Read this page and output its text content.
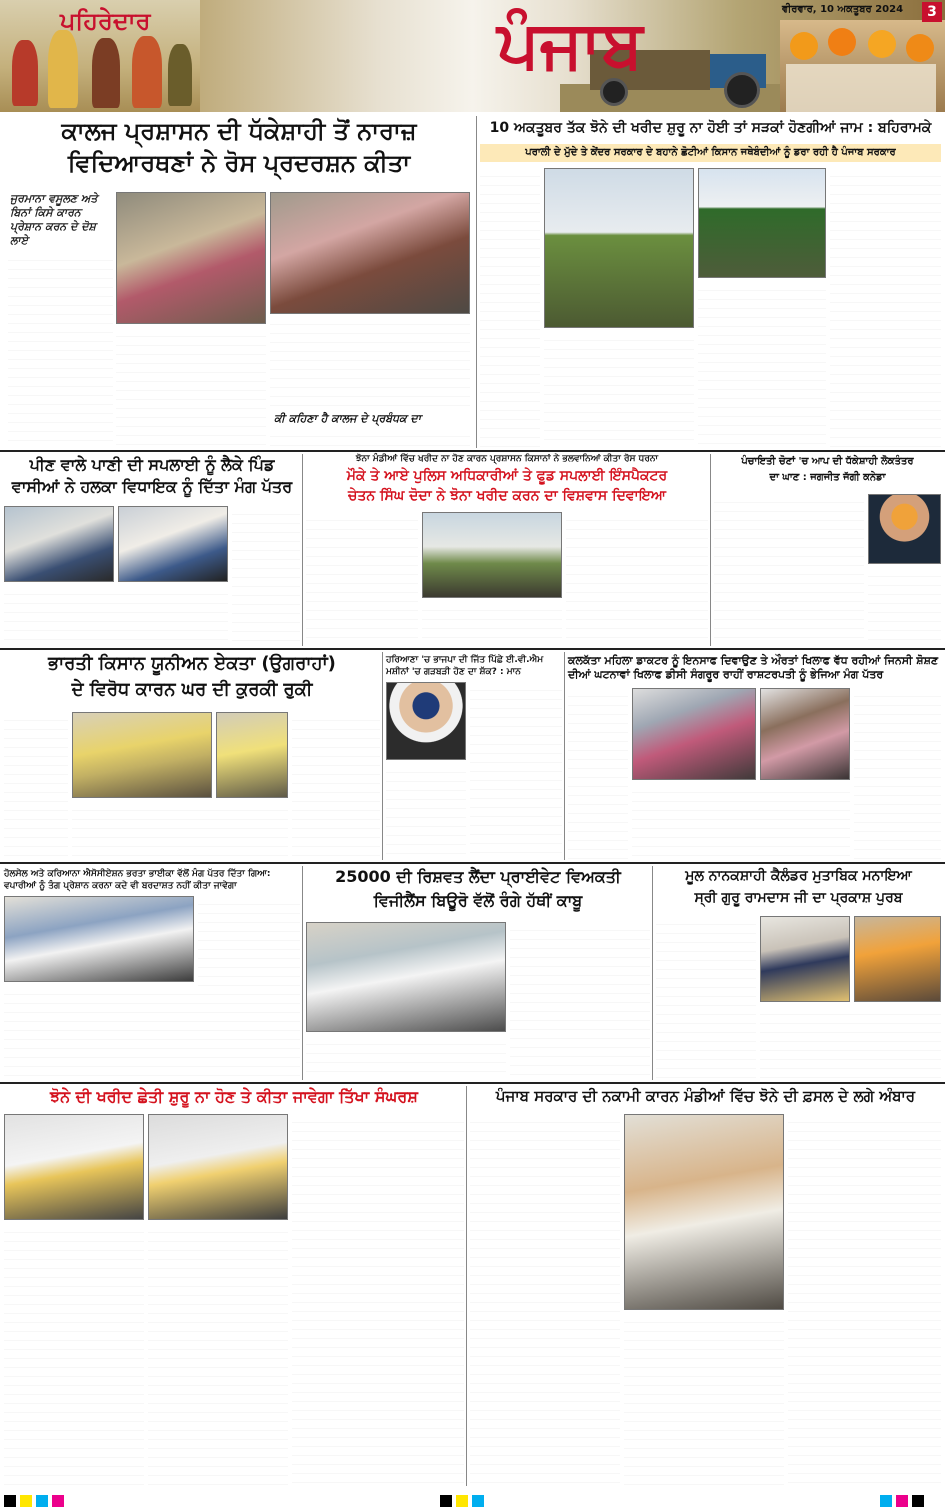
ਪਹਿਰੇਦਾਰ	ਪੰਜਾਬ	ਵੀਰਵਾਰ, 10 ਅਕਤੂਬਰ 2024	3
ਕਾਲਜ ਪ੍ਰਸ਼ਾਸਨ ਦੀ ਧੱਕੇਸ਼ਾਹੀ ਤੋਂ ਨਾਰਾਜ਼
ਵਿਦਿਆਰਥਣਾਂ ਨੇ ਰੋਸ ਪ੍ਰਦਰਸ਼ਨ ਕੀਤਾ
ਜੁਰਮਾਨਾ ਵਸੂਲਣ ਅਤੇ ਬਿਨਾਂ ਕਿਸੇ ਕਾਰਨ ਪ੍ਰੇਸ਼ਾਨ ਕਰਨ ਦੇ ਦੋਸ਼ ਲਾਏ
ਕੀ ਕਹਿਣਾ ਹੈ ਕਾਲਜ ਦੇ ਪ੍ਰਬੰਧਕ ਦਾ
10 ਅਕਤੂਬਰ ਤੱਕ ਝੋਨੇ ਦੀ ਖਰੀਦ ਸ਼ੁਰੂ ਨਾ ਹੋਈ ਤਾਂ ਸੜਕਾਂ ਹੋਣਗੀਆਂ ਜਾਮ : ਬਹਿਰਾਮਕੇ
ਪਰਾਲੀ ਦੇ ਮੁੱਦੇ ਤੇ ਕੇਂਦਰ ਸਰਕਾਰ ਦੇ ਬਹਾਨੇ ਛੋਟੀਆਂ ਕਿਸਾਨ ਜਥੇਬੰਦੀਆਂ ਨੂੰ ਡਰਾ ਰਹੀ ਹੈ ਪੰਜਾਬ ਸਰਕਾਰ
ਪੀਣ ਵਾਲੇ ਪਾਣੀ ਦੀ ਸਪਲਾਈ ਨੂੰ ਲੈਕੇ ਪਿੰਡ
ਵਾਸੀਆਂ ਨੇ ਹਲਕਾ ਵਿਧਾਇਕ ਨੂੰ ਦਿੱਤਾ ਮੰਗ ਪੱਤਰ
ਝੋਨਾ ਮੰਡੀਆਂ ਵਿੱਚ ਖਰੀਦ ਨਾ ਹੋਣ ਕਾਰਨ ਪ੍ਰਸ਼ਾਸਨ ਕਿਸਾਨਾਂ ਨੇ ਭਲਵਾਨਿਆਂ ਕੀਤਾ ਰੋਸ ਧਰਨਾ
ਮੌਕੇ ਤੇ ਆਏ ਪੁਲਿਸ ਅਧਿਕਾਰੀਆਂ ਤੇ ਫੂਡ ਸਪਲਾਈ ਇੰਸਪੈਕਟਰ
ਚੇਤਨ ਸਿੰਘ ਦੋਦਾ ਨੇ ਝੋਨਾ ਖਰੀਦ ਕਰਨ ਦਾ ਵਿਸ਼ਵਾਸ ਦਿਵਾਇਆ
ਪੰਚਾਇਤੀ ਚੋਣਾਂ 'ਚ ਆਪ ਦੀ ਧੱਕੇਸ਼ਾਹੀ ਲੋਕਤੰਤਰ
ਦਾ ਘਾਣ : ਜਗਜੀਤ ਜੱਗੀ ਕਨੇਡਾ
ਭਾਰਤੀ ਕਿਸਾਨ ਯੂਨੀਅਨ ਏਕਤਾ (ਉਗਰਾਹਾਂ)
ਦੇ ਵਿਰੋਧ ਕਾਰਨ ਘਰ ਦੀ ਕੁਰਕੀ ਰੁਕੀ
ਹਰਿਆਣਾ 'ਚ ਭਾਜਪਾ ਦੀ ਜਿੱਤ ਪਿੱਛੇ ਈ.ਵੀ.ਐਮ ਮਸ਼ੀਨਾਂ 'ਚ ਗੜਬੜੀ ਹੋਣ ਦਾ ਸ਼ੱਕ? : ਮਾਨ
ਕਲਕੱਤਾ ਮਹਿਲਾ ਡਾਕਟਰ ਨੂੰ ਇਨਸਾਫ ਦਿਵਾਉਣ ਤੇ ਔਰਤਾਂ ਖਿਲਾਫ ਵੱਧ ਰਹੀਆਂ ਜਿਨਸੀ ਸ਼ੋਸ਼ਣ ਦੀਆਂ ਘਟਨਾਵਾਂ ਖਿਲਾਫ ਡੀਸੀ ਸੰਗਰੂਰ ਰਾਹੀਂ ਰਾਸ਼ਟਰਪਤੀ ਨੂੰ ਭੇਜਿਆ ਮੰਗ ਪੱਤਰ
ਹੋਲਸੇਲ ਅਤੇ ਕਰਿਆਨਾ ਐਸੋਸੀਏਸ਼ਨ ਭਰਤਾ ਭਾਈਕਾ ਵੱਲੋਂ ਮੰਗ ਪੱਤਰ ਦਿੱਤਾ ਗਿਆ: ਵਪਾਰੀਆਂ ਨੂੰ ਤੰਗ ਪ੍ਰੇਸ਼ਾਨ ਕਰਨਾ ਕਦੇ ਵੀ ਬਰਦਾਸ਼ਤ ਨਹੀਂ ਕੀਤਾ ਜਾਵੇਗਾ	25000 ਦੀ ਰਿਸ਼ਵਤ ਲੈਂਦਾ ਪ੍ਰਾਈਵੇਟ ਵਿਅਕਤੀ
ਵਿਜੀਲੈਂਸ ਬਿਊਰੋ ਵੱਲੋਂ ਰੰਗੇ ਹੱਥੀਂ ਕਾਬੂ
ਮੂਲ ਨਾਨਕਸ਼ਾਹੀ ਕੈਲੰਡਰ ਮੁਤਾਬਿਕ ਮਨਾਇਆ
ਸ੍ਰੀ ਗੁਰੂ ਰਾਮਦਾਸ ਜੀ ਦਾ ਪ੍ਰਕਾਸ਼ ਪੁਰਬ
ਝੋਨੇ ਦੀ ਖਰੀਦ ਛੇਤੀ ਸ਼ੁਰੂ ਨਾ ਹੋਣ ਤੇ ਕੀਤਾ ਜਾਵੇਗਾ ਤਿੱਖਾ ਸੰਘਰਸ਼	ਪੰਜਾਬ ਸਰਕਾਰ ਦੀ ਨਕਾਮੀ ਕਾਰਨ ਮੰਡੀਆਂ ਵਿੱਚ ਝੋਨੇ ਦੀ ਫ਼ਸਲ ਦੇ ਲਗੇ ਅੰਬਾਰ
